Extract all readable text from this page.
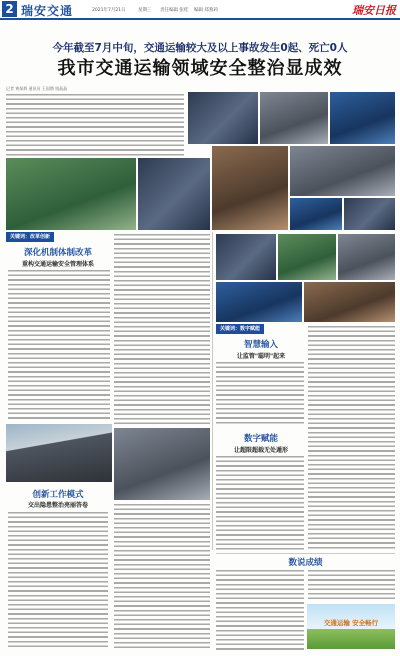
2 瑞安交通	2021年7月21日	星期三 责任编辑 张桂 编辑 郑燕莉	瑞安日报
今年截至7月中旬，交通运输较大及以上事故发生0起、死亡0人
我市交通运输领域安全整治显成效
记者 黄保炳 通讯员 王国瓒 钱晶晶
关键词：改革创新
深化机制体制改革
重构交通运输安全管理体系
创新工作模式
交出隐患整治亮丽答卷
关键词：数字赋能
智慧输入
让监管"聪明"起来
数字赋能
让超限超载无处遁形
数说成绩
交通运输 安全畅行
